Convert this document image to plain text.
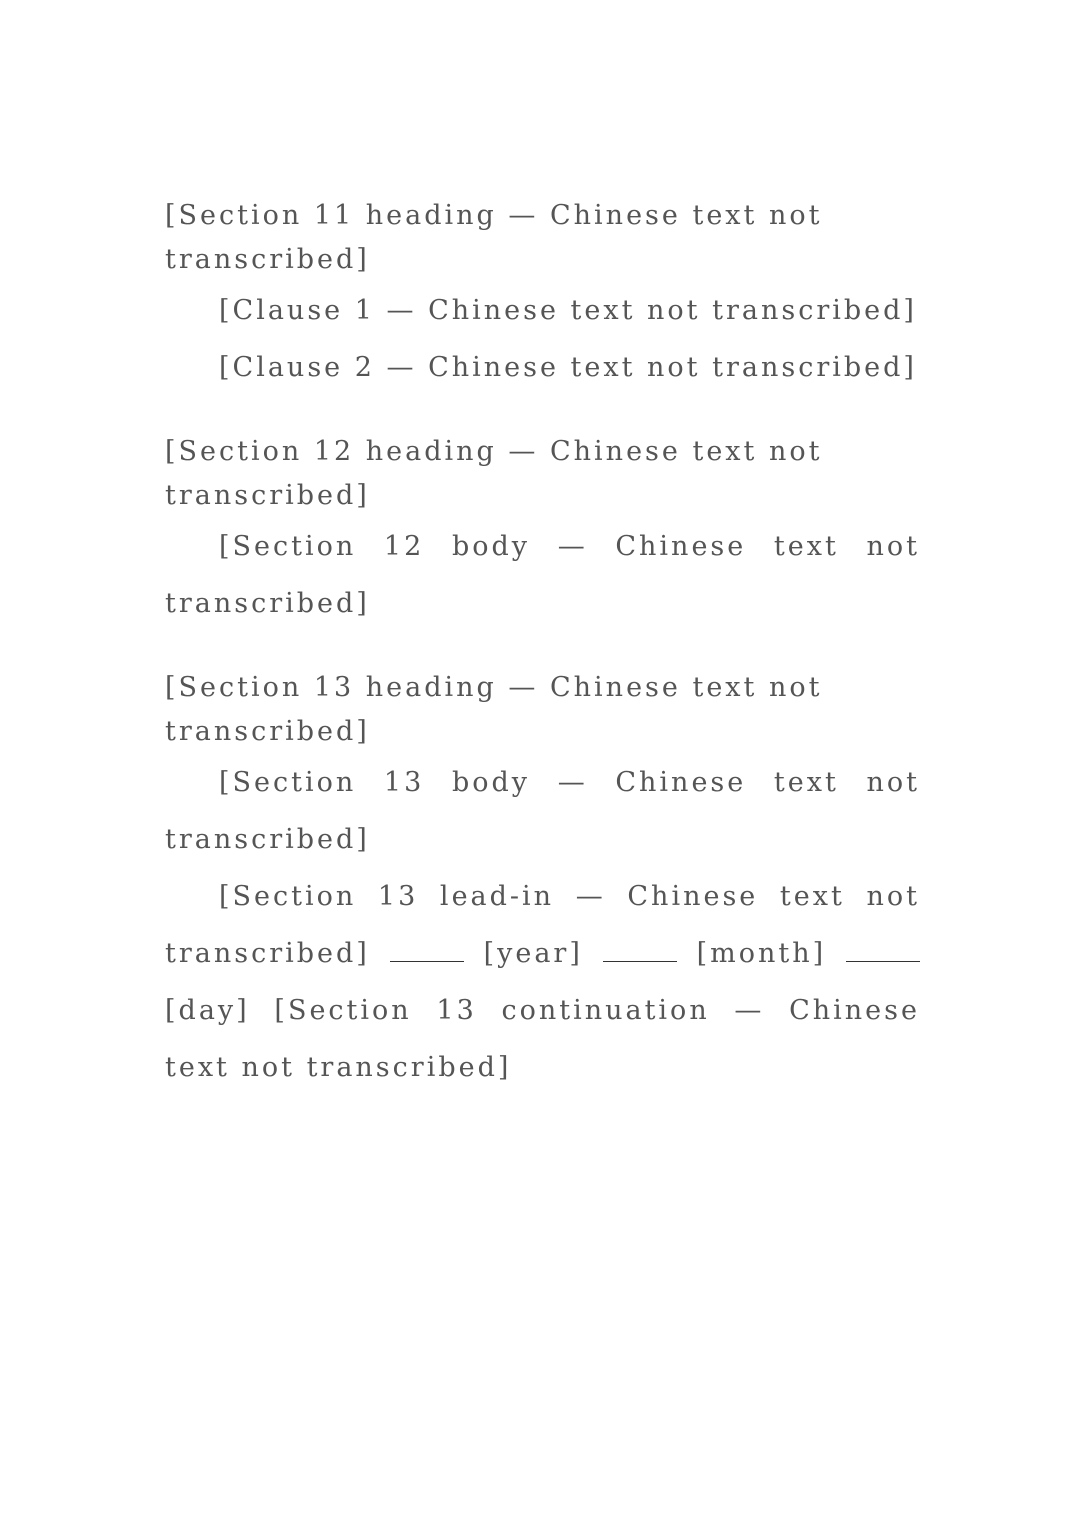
[Section 11 heading — Chinese text not transcribed]

[Clause 1 — Chinese text not transcribed]

[Clause 2 — Chinese text not transcribed]

[Section 12 heading — Chinese text not transcribed]

[Section 12 body — Chinese text not transcribed]

[Section 13 heading — Chinese text not transcribed]

[Section 13 body — Chinese text not transcribed]

[Section 13 lead-in — Chinese text not transcribed]	[year]	[month]  [day] [Section 13 continuation — Chinese text not transcribed]
